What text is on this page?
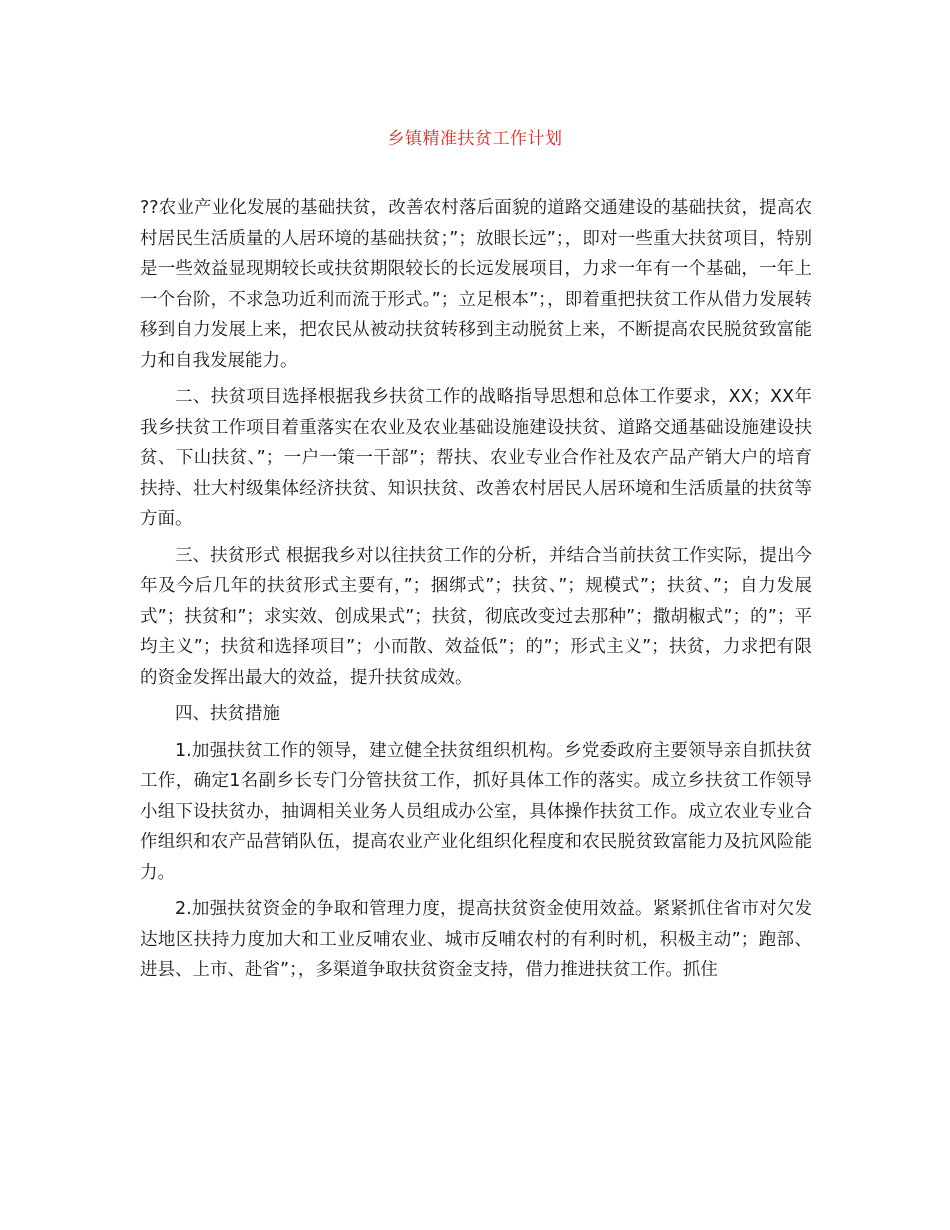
乡镇精准扶贫工作计划

??农业产业化发展的基础扶贫，改善农村落后面貌的道路交通建设的基础扶贫，提高农村居民生活质量的人居环境的基础扶贫；”；放眼长远”；，即对一些重大扶贫项目，特别是一些效益显现期较长或扶贫期限较长的长远发展项目，力求一年有一个基础，一年上一个台阶，不求急功近利而流于形式。”；立足根本”；，即着重把扶贫工作从借力发展转移到自力发展上来，把农民从被动扶贫转移到主动脱贫上来，不断提高农民脱贫致富能力和自我发展能力。

二、扶贫项目选择根据我乡扶贫工作的战略指导思想和总体工作要求，XX；XX年我乡扶贫工作项目着重落实在农业及农业基础设施建设扶贫、道路交通基础设施建设扶贫、下山扶贫、”；一户一策一干部”；帮扶、农业专业合作社及农产品产销大户的培育扶持、壮大村级集体经济扶贫、知识扶贫、改善农村居民人居环境和生活质量的扶贫等方面。

三、扶贫形式 根据我乡对以往扶贫工作的分析，并结合当前扶贫工作实际，提出今年及今后几年的扶贫形式主要有，”；捆绑式”；扶贫、”；规模式”；扶贫、”；自力发展式”；扶贫和”；求实效、创成果式”；扶贫，彻底改变过去那种”；撒胡椒式”；的”；平均主义”；扶贫和选择项目”；小而散、效益低”；的”；形式主义”；扶贫，力求把有限的资金发挥出最大的效益，提升扶贫成效。

四、扶贫措施

1.加强扶贫工作的领导，建立健全扶贫组织机构。乡党委政府主要领导亲自抓扶贫工作，确定1名副乡长专门分管扶贫工作，抓好具体工作的落实。成立乡扶贫工作领导小组下设扶贫办，抽调相关业务人员组成办公室，具体操作扶贫工作。成立农业专业合作组织和农产品营销队伍，提高农业产业化组织化程度和农民脱贫致富能力及抗风险能力。

2.加强扶贫资金的争取和管理力度，提高扶贫资金使用效益。紧紧抓住省市对欠发达地区扶持力度加大和工业反哺农业、城市反哺农村的有利时机，积极主动”；跑部、进县、上市、赴省”；，多渠道争取扶贫资金支持，借力推进扶贫工作。抓住
